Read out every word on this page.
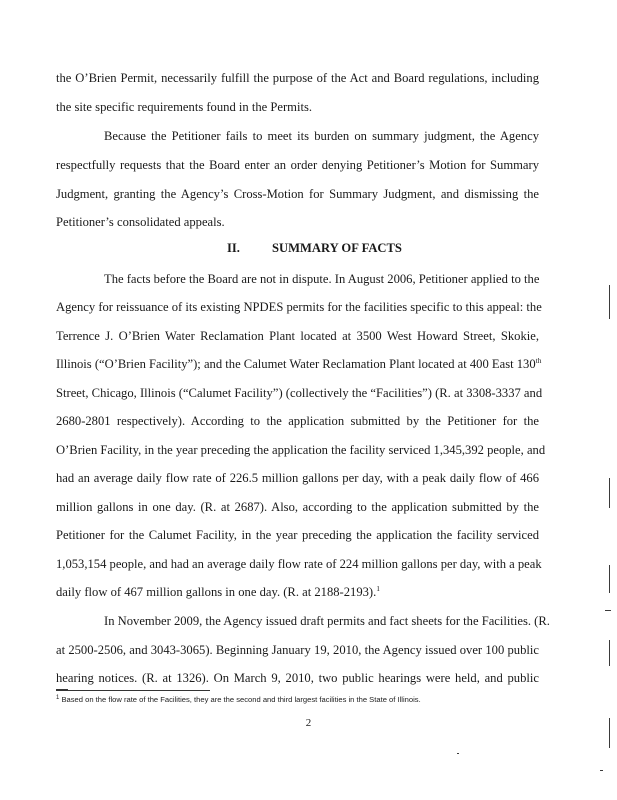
the O’Brien Permit, necessarily fulfill the purpose of the Act and Board regulations, including
the site specific requirements found in the Permits.
Because the Petitioner fails to meet its burden on summary judgment, the Agency
respectfully requests that the Board enter an order denying Petitioner’s Motion for Summary
Judgment, granting the Agency’s Cross-Motion for Summary Judgment, and dismissing the
Petitioner’s consolidated appeals.
II.	SUMMARY OF FACTS
The facts before the Board are not in dispute. In August 2006, Petitioner applied to the
Agency for reissuance of its existing NPDES permits for the facilities specific to this appeal: the
Terrence J. O’Brien Water Reclamation Plant located at 3500 West Howard Street, Skokie,
Illinois (“O’Brien Facility”); and the Calumet Water Reclamation Plant located at 400 East 130th
Street, Chicago, Illinois (“Calumet Facility”) (collectively the “Facilities”) (R. at 3308-3337 and
2680-2801 respectively). According to the application submitted by the Petitioner for the
O’Brien Facility, in the year preceding the application the facility serviced 1,345,392 people, and
had an average daily flow rate of 226.5 million gallons per day, with a peak daily flow of 466
million gallons in one day. (R. at 2687). Also, according to the application submitted by the
Petitioner for the Calumet Facility, in the year preceding the application the facility serviced
1,053,154 people, and had an average daily flow rate of 224 million gallons per day, with a peak
daily flow of 467 million gallons in one day. (R. at 2188-2193).$^1$
In November 2009, the Agency issued draft permits and fact sheets for the Facilities. (R.
at 2500-2506, and 3043-3065). Beginning January 19, 2010, the Agency issued over 100 public
hearing notices. (R. at 1326). On March 9, 2010, two public hearings were held, and public
$^1$ Based on the flow rate of the Facilities, they are the second and third largest facilities in the State of Illinois.
2
